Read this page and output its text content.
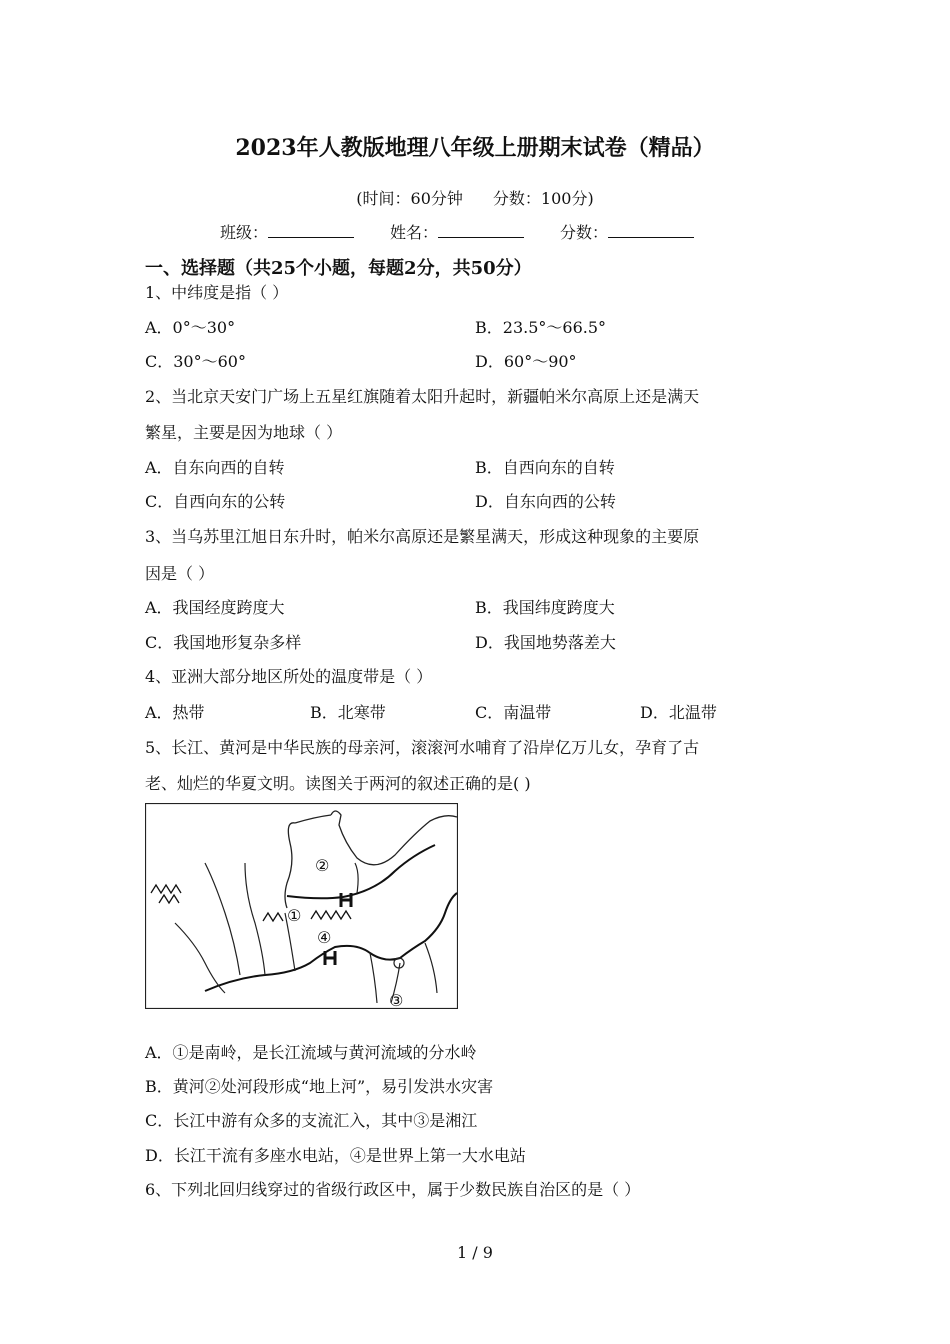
2023年人教版地理八年级上册期末试卷（精品）
(时间：60分钟 分数：100分)
班级：	姓名：	分数：
一、选择题（共25个小题，每题2分，共50分）
1、中纬度是指（ ）
A．0°～30°	B．23.5°～66.5°
C．30°～60°	D．60°～90°
2、当北京天安门广场上五星红旗随着太阳升起时，新疆帕米尔高原上还是满天
繁星，主要是因为地球（ ）
A．自东向西的自转	B．自西向东的自转
C．自西向东的公转	D．自东向西的公转
3、当乌苏里江旭日东升时，帕米尔高原还是繁星满天，形成这种现象的主要原
因是（ ）
A．我国经度跨度大	B．我国纬度跨度大
C．我国地形复杂多样	D．我国地势落差大
4、亚洲大部分地区所处的温度带是（ ）
A．热带	B．北寒带	C．南温带	D．北温带
5、长江、黄河是中华民族的母亲河，滚滚河水哺育了沿岸亿万儿女，孕育了古
老、灿烂的华夏文明。读图关于两河的叙述正确的是( )
①
②
③
④
A．①是南岭，是长江流域与黄河流域的分水岭
B．黄河②处河段形成“地上河”，易引发洪水灾害
C．长江中游有众多的支流汇入，其中③是湘江
D．长江干流有多座水电站，④是世界上第一大水电站
6、下列北回归线穿过的省级行政区中，属于少数民族自治区的是（ ）
1 / 9
